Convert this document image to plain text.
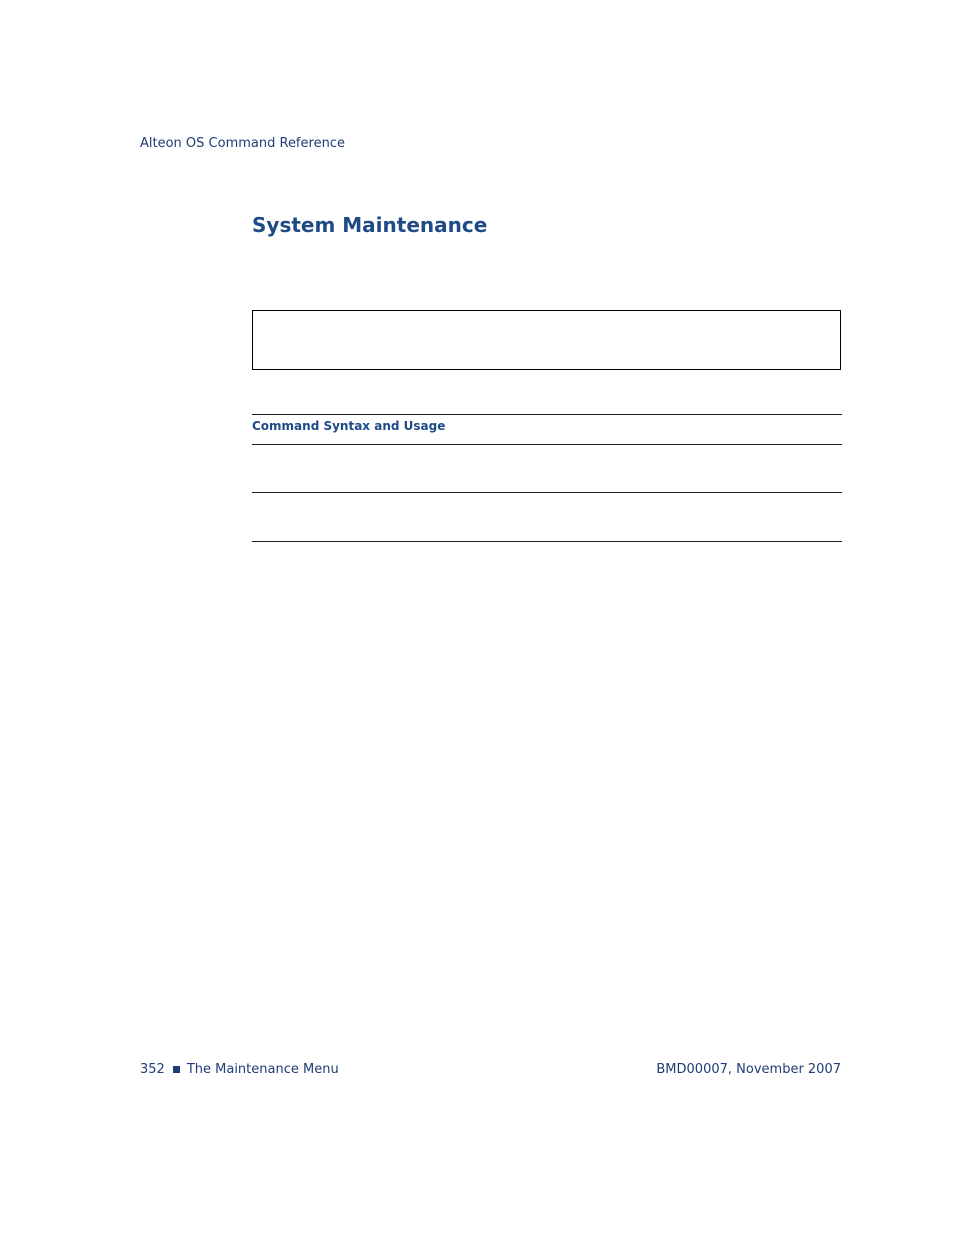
Alteon OS Command Reference
System Maintenance
Command Syntax and Usage
352 The Maintenance Menu	BMD00007, November 2007
